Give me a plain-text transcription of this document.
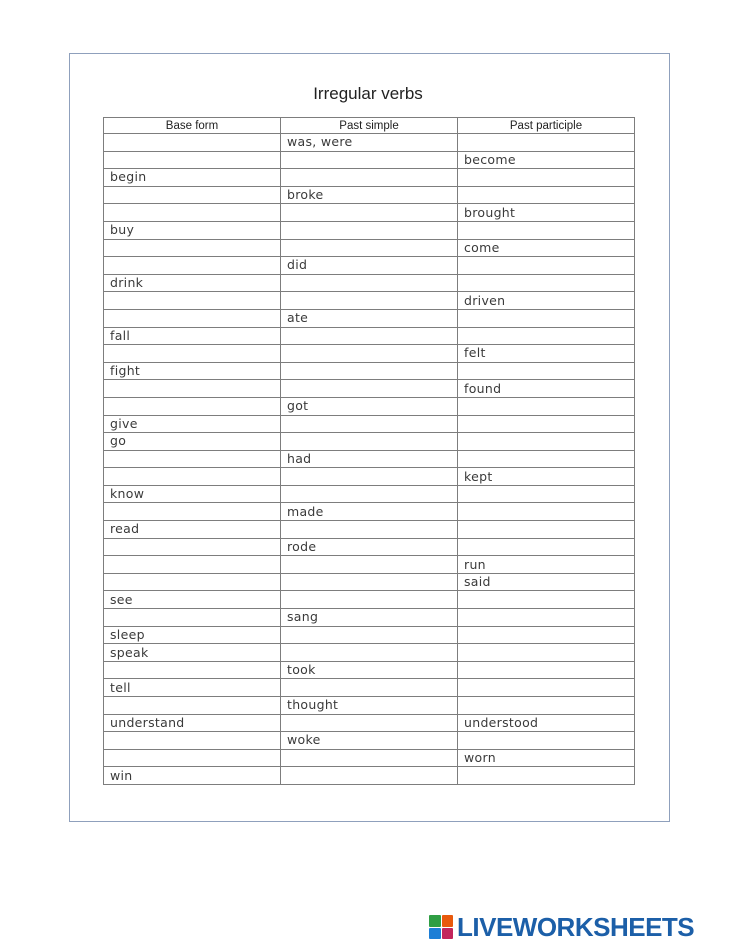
Irregular verbs
Base form	Past simple	Past participle
	was, were	
		become
begin		
	broke	
		brought
buy		
		come
	did	
drink		
		driven
	ate	
fall		
		felt
fight		
		found
	got	
give		
go		
	had	
		kept
know		
	made	
read		
	rode	
		run
		said
see		
	sang	
sleep		
speak		
	took	
tell		
	thought	
understand		understood
	woke	
		worn
win		
LIVEWORKSHEETS
